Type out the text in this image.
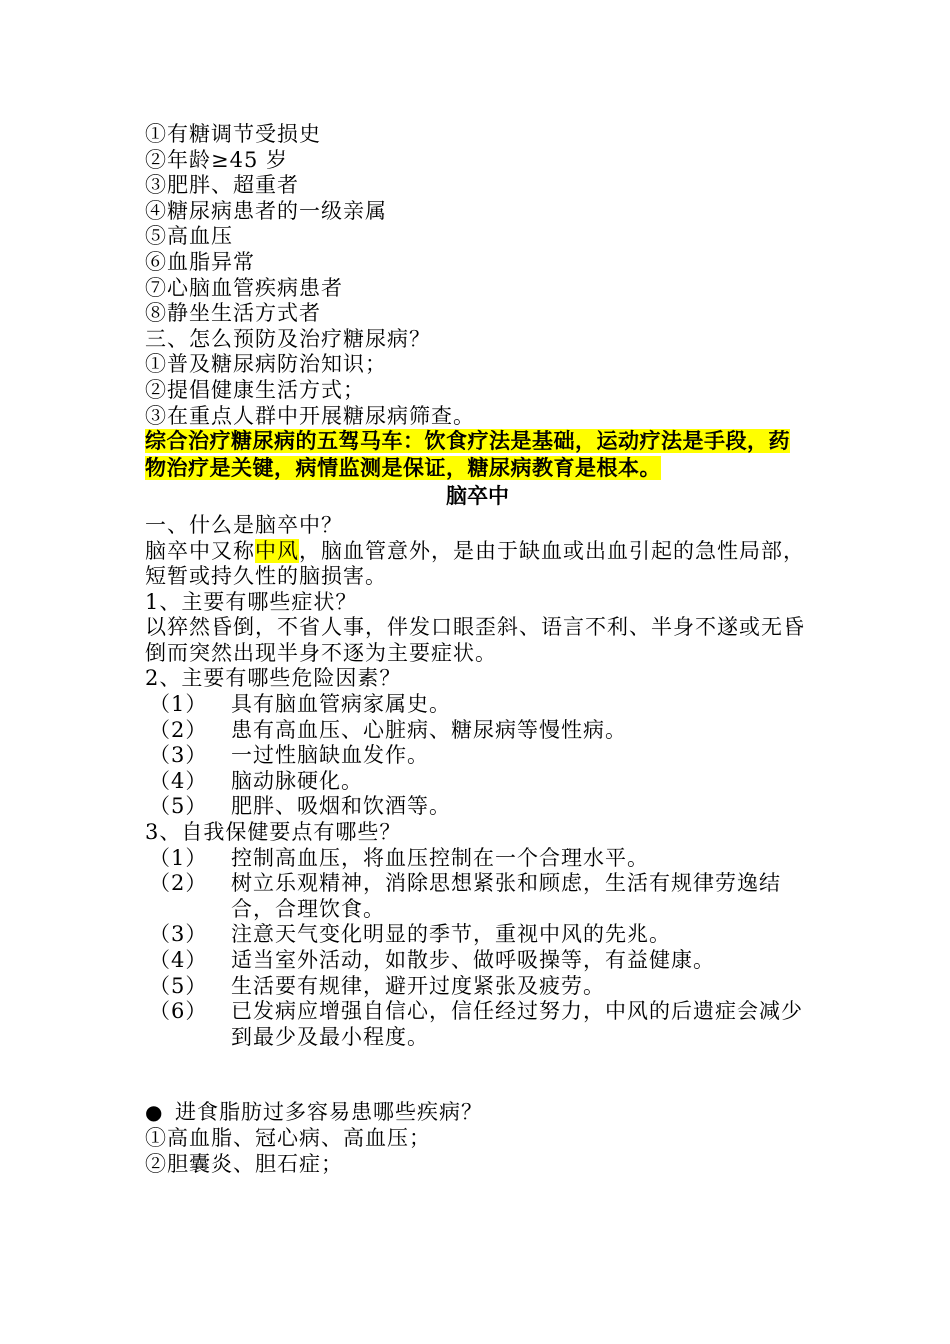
①有糖调节受损史
②年龄≥45 岁
③肥胖、超重者
④糖尿病患者的一级亲属
⑤高血压
⑥血脂异常
⑦心脑血管疾病患者
⑧静坐生活方式者
三、怎么预防及治疗糖尿病？
①普及糖尿病防治知识；
②提倡健康生活方式；
③在重点人群中开展糖尿病筛查。
综合治疗糖尿病的五驾马车：饮食疗法是基础，运动疗法是手段，药物治疗是关键，病情监测是保证，糖尿病教育是根本。
脑卒中
一、什么是脑卒中？
脑卒中又称中风，脑血管意外，是由于缺血或出血引起的急性局部，短暂或持久性的脑损害。
1、主要有哪些症状？
以猝然昏倒，不省人事，伴发口眼歪斜、语言不利、半身不遂或无昏倒而突然出现半身不逐为主要症状。
2、主要有哪些危险因素？
（1）	具有脑血管病家属史。
（2）	患有高血压、心脏病、糖尿病等慢性病。
（3）	一过性脑缺血发作。
（4）	脑动脉硬化。
（5）	肥胖、吸烟和饮酒等。
3、自我保健要点有哪些？
（1）	控制高血压，将血压控制在一个合理水平。
（2）	树立乐观精神，消除思想紧张和顾虑，生活有规律劳逸结合，合理饮食。
（3）	注意天气变化明显的季节，重视中风的先兆。
（4）	适当室外活动，如散步、做呼吸操等，有益健康。
（5）	生活要有规律，避开过度紧张及疲劳。
（6）	已发病应增强自信心，信任经过努力，中风的后遗症会减少到最少及最小程度。
● 进食脂肪过多容易患哪些疾病？
①高血脂、冠心病、高血压；
②胆囊炎、胆石症；
